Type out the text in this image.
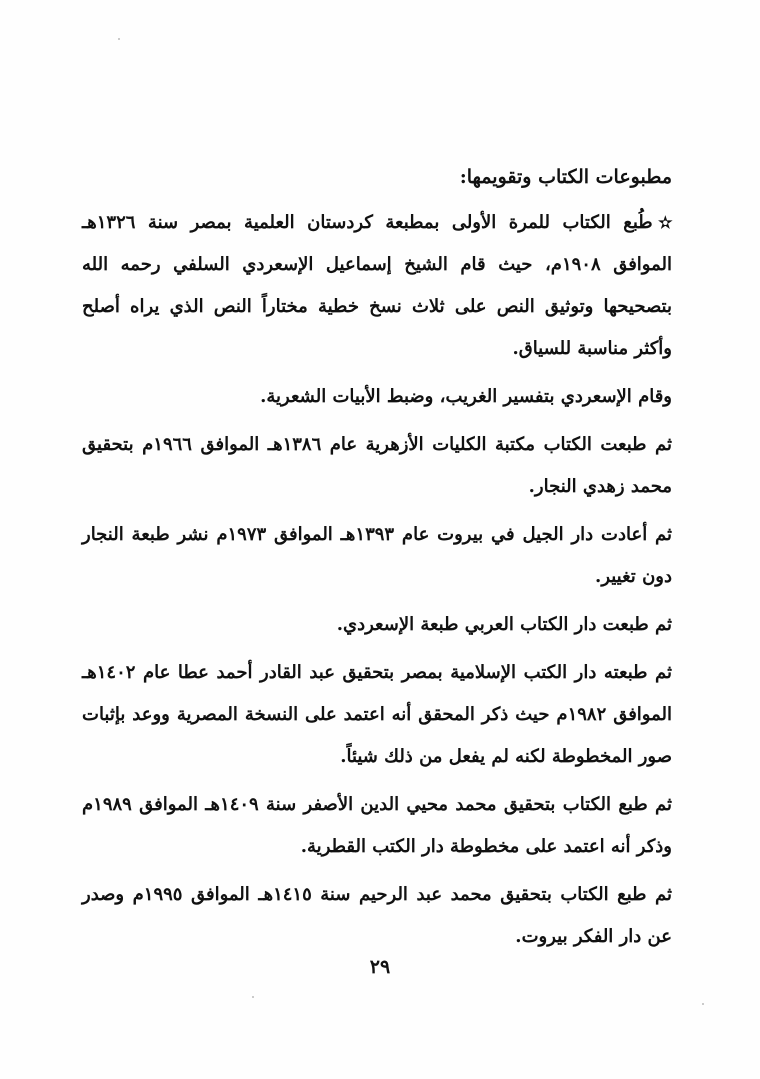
مطبوعات الكتاب وتقويمها:

✫طُبع الكتاب للمرة الأولى بمطبعة كردستان العلمية بمصر سنة ١٣٢٦هـ الموافق ١٩٠٨م، حيث قام الشيخ إسماعيل الإسعردي السلفي رحمه الله بتصحيحها وتوثيق النص على ثلاث نسخ خطية مختاراً النص الذي يراه أصلح وأكثر مناسبة للسياق.

وقام الإسعردي بتفسير الغريب، وضبط الأبيات الشعرية.

ثم طبعت الكتاب مكتبة الكليات الأزهرية عام ١٣٨٦هـ الموافق ١٩٦٦م بتحقيق محمد زهدي النجار.

ثم أعادت دار الجيل في بيروت عام ١٣٩٣هـ الموافق ١٩٧٣م نشر طبعة النجار دون تغيير.

ثم طبعت دار الكتاب العربي طبعة الإسعردي.

ثم طبعته دار الكتب الإسلامية بمصر بتحقيق عبد القادر أحمد عطا عام ١٤٠٢هـ الموافق ١٩٨٢م حيث ذكر المحقق أنه اعتمد على النسخة المصرية ووعد بإثبات صور المخطوطة لكنه لم يفعل من ذلك شيئاً.

ثم طبع الكتاب بتحقيق محمد محيي الدين الأصفر سنة ١٤٠٩هـ الموافق ١٩٨٩م وذكر أنه اعتمد على مخطوطة دار الكتب القطرية.

ثم طبع الكتاب بتحقيق محمد عبد الرحيم سنة ١٤١٥هـ الموافق ١٩٩٥م وصدر عن دار الفكر بيروت.

٢٩
